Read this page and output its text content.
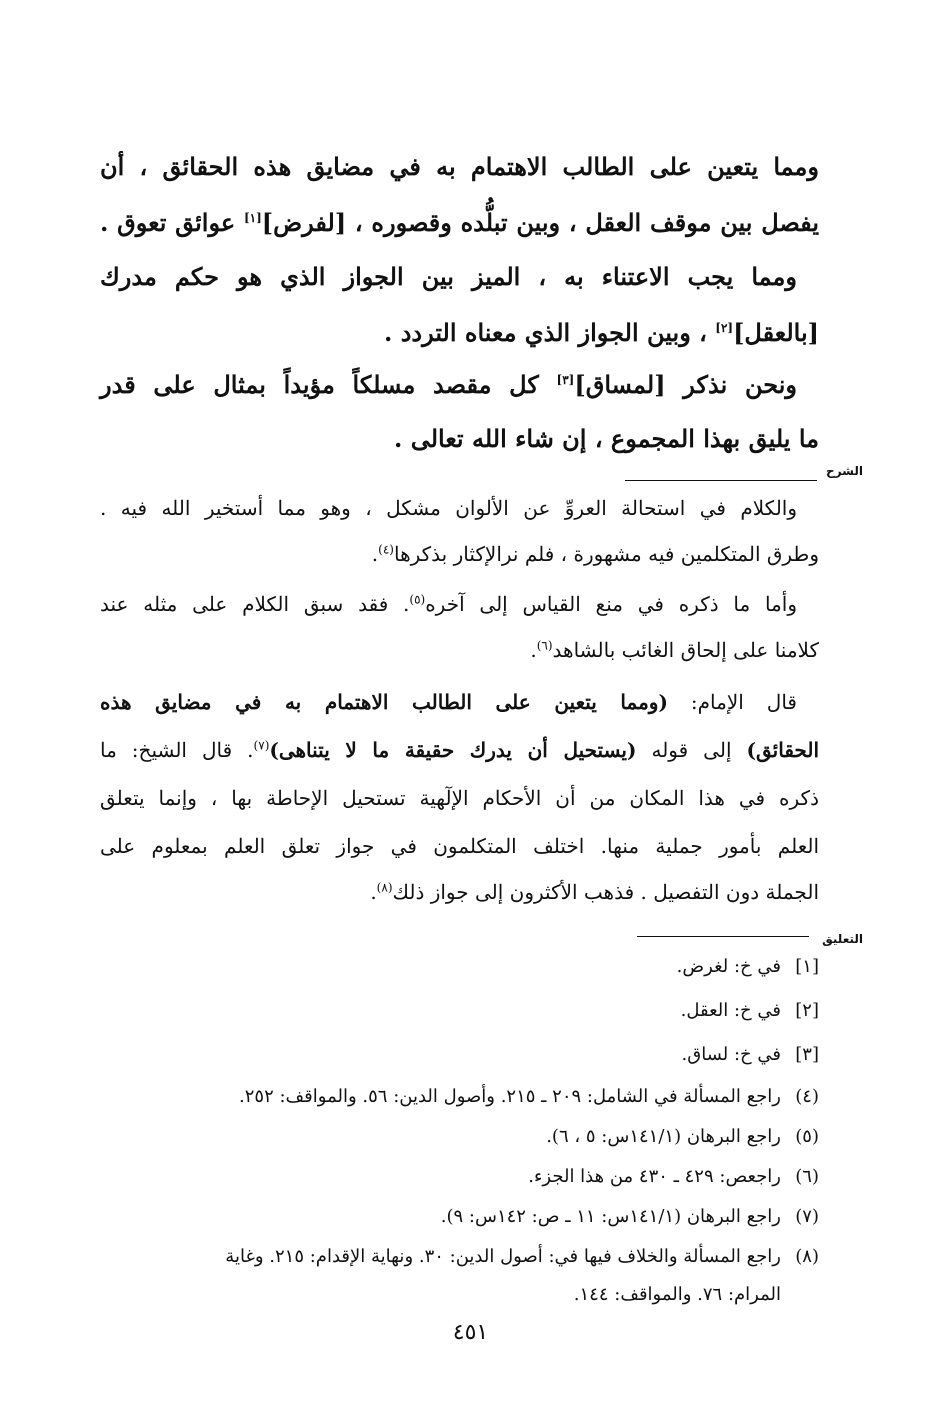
ومما يتعين على الطالب الاهتمام به في مضايق هذه الحقائق ، أن
يفصل بين موقف العقل ، وبين تبلُّده وقصوره ، [لفرض][١] عوائق تعوق .
ومما يجب الاعتناء به ، الميز بين الجواز الذي هو حكم مدرك
[بالعقل][٢] ، وبين الجواز الذي معناه التردد .
ونحن نذكر [لمساق][٣] كل مقصد مسلكاً مؤيداً بمثال على قدر
ما يليق بهذا المجموع ، إن شاء الله تعالى .
الشرح
والكلام في استحالة العروِّ عن الألوان مشكل ، وهو مما أستخير الله فيه .
وطرق المتكلمين فيه مشهورة ، فلم نرالإكثار بذكرها$^{(٤)}$.
وأما ما ذكره في منع القياس إلى آخره$^{(٥)}$. فقد سبق الكلام على مثله عند
كلامنا على إلحاق الغائب بالشاهد$^{(٦)}$.
قال الإمام: (ومما يتعين على الطالب الاهتمام به في مضايق هذه
الحقائق) إلى قوله (يستحيل أن يدرك حقيقة ما لا يتناهى)$^{(٧)}$. قال الشيخ: ما
ذكره في هذا المكان من أن الأحكام الإلٓهية تستحيل الإحاطة بها ، وإنما يتعلق
العلم بأمور جملية منها. اختلف المتكلمون في جواز تعلق العلم بمعلوم على
الجملة دون التفصيل . فذهب الأكثرون إلى جواز ذلك$^{(٨)}$.
التعليق
[١]في خ: لغرض.
[٢]في خ: العقل.
[٣]في خ: لساق.
(٤)راجع المسألة في الشامل: ٢٠٩ ـ ٢١٥. وأصول الدين: ٥٦. والمواقف: ٢٥٢.
(٥)راجع البرهان (١٤١/١س: ٥ ، ٦).
(٦)راجعص: ٤٢٩ ـ ٤٣٠ من هذا الجزء.
(٧)راجع البرهان (١٤١/١س: ١١ ـ ص: ١٤٢س: ٩).
(٨)راجع المسألة والخلاف فيها في: أصول الدين: ٣٠. ونهاية الإقدام: ٢١٥. وغاية
المرام: ٧٦. والمواقف: ١٤٤.
٤٥١
